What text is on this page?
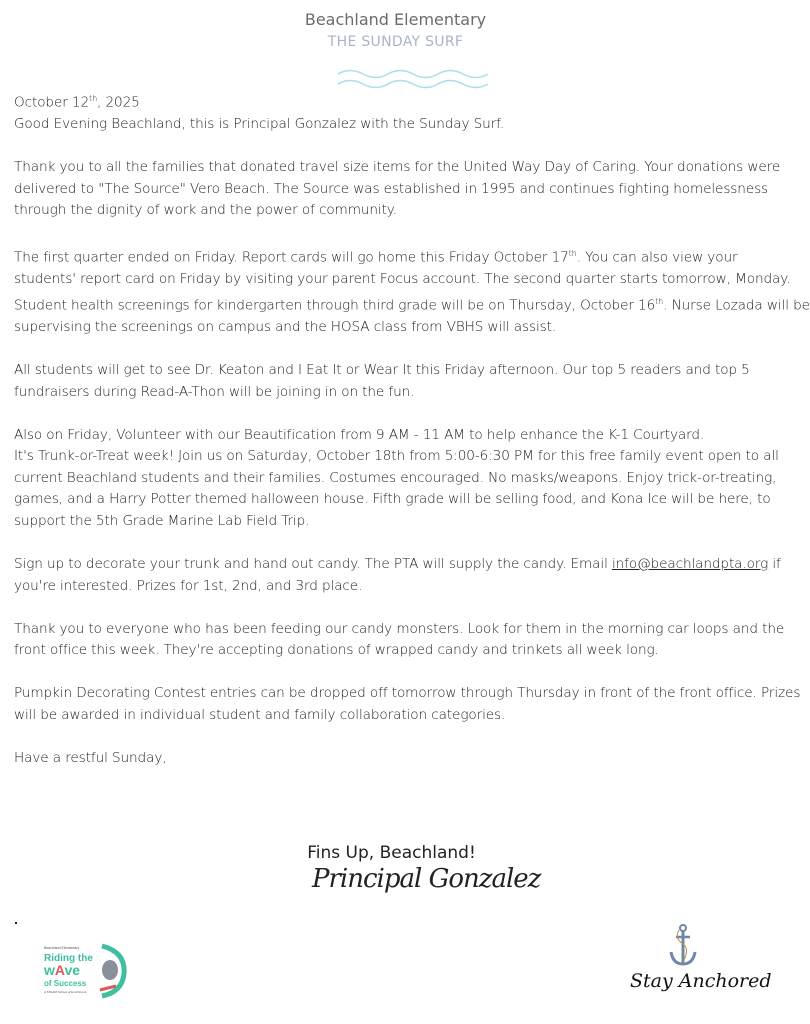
Beachland Elementary
THE SUNDAY SURF
October 12th, 2025

Good Evening Beachland, this is Principal Gonzalez with the Sunday Surf.

Thank you to all the families that donated travel size items for the United Way Day of Caring. Your donations were
delivered to "The Source" Vero Beach. The Source was established in 1995 and continues fighting homelessness
through the dignity of work and the power of community.

The first quarter ended on Friday. Report cards will go home this Friday October 17th. You can also view your
students' report card on Friday by visiting your parent Focus account. The second quarter starts tomorrow, Monday.
Student health screenings for kindergarten through third grade will be on Thursday, October 16th. Nurse Lozada will be
supervising the screenings on campus and the HOSA class from VBHS will assist.

All students will get to see Dr. Keaton and I Eat It or Wear It this Friday afternoon. Our top 5 readers and top 5
fundraisers during Read-A-Thon will be joining in on the fun.

Also on Friday, Volunteer with our Beautification from 9 AM - 11 AM to help enhance the K-1 Courtyard.
It's Trunk-or-Treat week! Join us on Saturday, October 18th from 5:00-6:30 PM for this free family event open to all
current Beachland students and their families. Costumes encouraged. No masks/weapons. Enjoy trick-or-treating,
games, and a Harry Potter themed halloween house. Fifth grade will be selling food, and Kona Ice will be here, to
support the 5th Grade Marine Lab Field Trip.

Sign up to decorate your trunk and hand out candy. The PTA will supply the candy. Email info@beachlandpta.org if
you're interested. Prizes for 1st, 2nd, and 3rd place.

Thank you to everyone who has been feeding our candy monsters. Look for them in the morning car loops and the
front office this week. They're accepting donations of wrapped candy and trinkets all week long.

Pumpkin Decorating Contest entries can be dropped off tomorrow through Thursday in front of the front office. Prizes
will be awarded in individual student and family collaboration categories.

Have a restful Sunday,

Fins Up, Beachland!
Principal Gonzalez
Beachland Elementary
Riding the
wAve
of Success
A STEAM School of Enrichment	Stay Anchored
